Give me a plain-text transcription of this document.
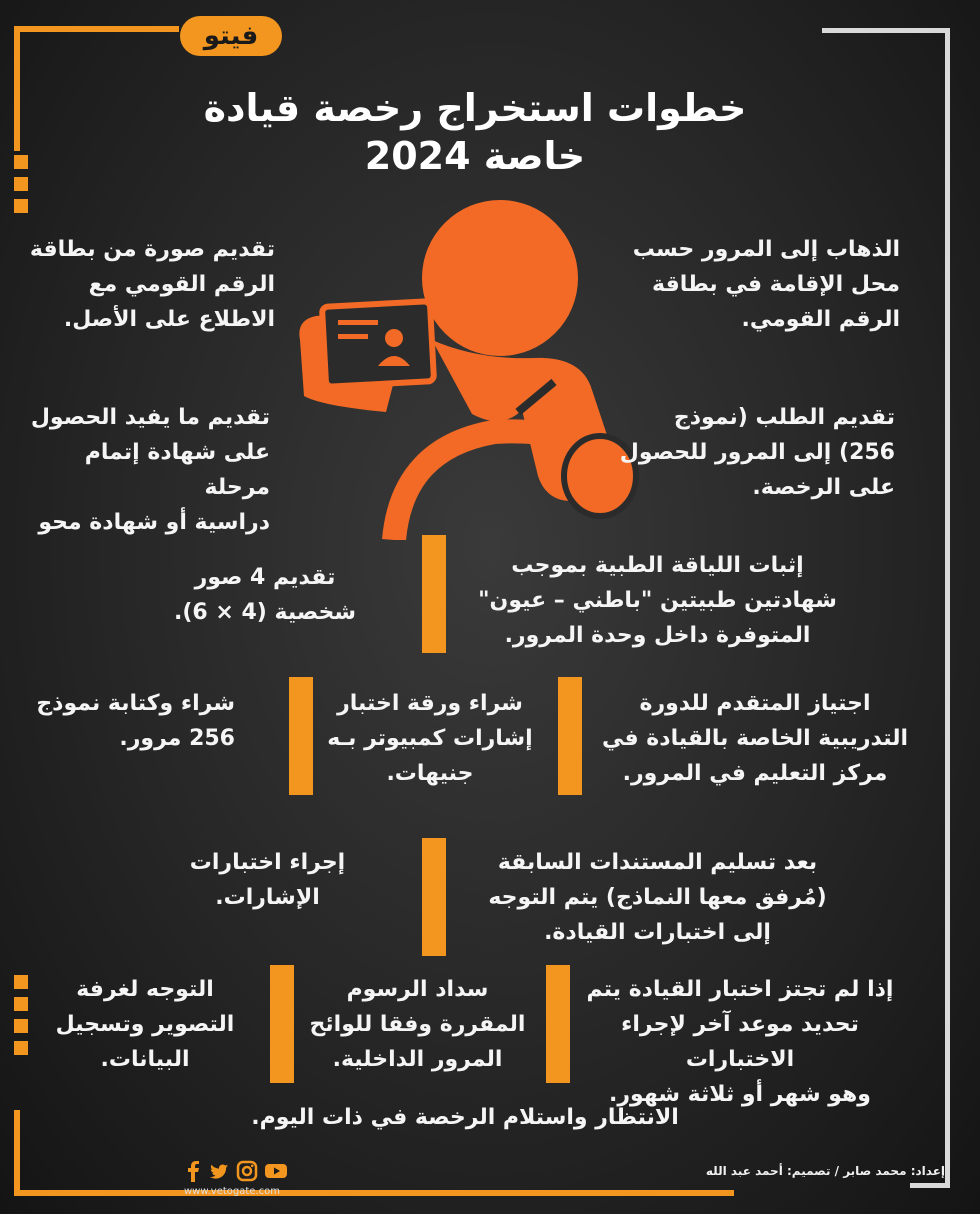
فيتو
خطوات استخراج رخصة قيادة
خاصة 2024
الذهاب إلى المرور حسب
محل الإقامة في بطاقة
الرقم القومي.
تقديم صورة من بطاقة
الرقم القومي مع
الاطلاع على الأصل.
تقديم الطلب (نموذج
256) إلى المرور للحصول
على الرخصة.
تقديم ما يفيد الحصول
على شهادة إتمام مرحلة
دراسية أو شهادة محو
إثبات اللياقة الطبية بموجب
شهادتين طبيتين "باطني – عيون"
المتوفرة داخل وحدة المرور.
تقديم 4 صور
شخصية (4 × 6).
اجتياز المتقدم للدورة
التدريبية الخاصة بالقيادة في
مركز التعليم في المرور.
شراء ورقة اختبار
إشارات كمبيوتر بـه
جنيهات.
شراء وكتابة نموذج
256 مرور.
بعد تسليم المستندات السابقة
(مُرفق معها النماذج) يتم التوجه
إلى اختبارات القيادة.
إجراء اختبارات
الإشارات.
إذا لم تجتز اختبار القيادة يتم
تحديد موعد آخر لإجراء الاختبارات
وهو شهر أو ثلاثة شهور.
سداد الرسوم
المقررة وفقا للوائح
المرور الداخلية.
التوجه لغرفة
التصوير وتسجيل
البيانات.
الانتظار واستلام الرخصة في ذات اليوم.
www.vetogate.com
إعداد: محمد صابر / تصميم: أحمد عبد الله
